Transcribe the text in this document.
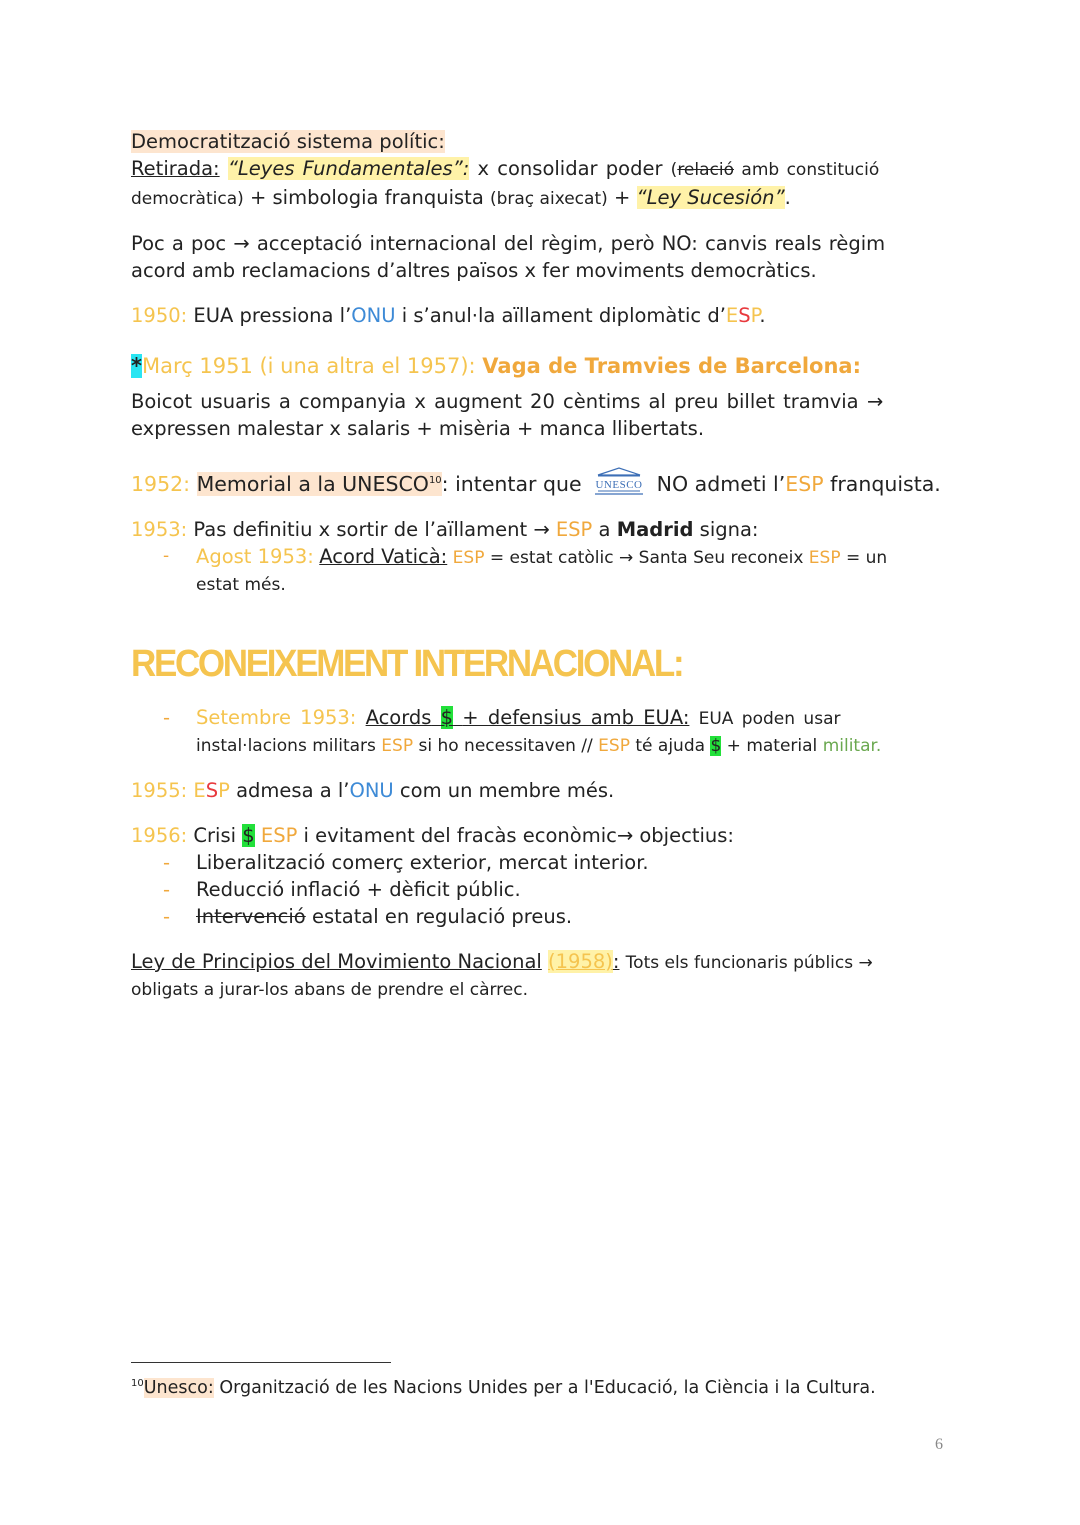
Democratització sistema polític:
Retirada: “Leyes Fundamentales”: x consolidar poder (relació amb constitució
democràtica) + simbologia franquista (braç aixecat) + “Ley Sucesión”.
Poc a poc → acceptació internacional del règim, però NO: canvis reals règim
acord amb reclamacions d’altres països x fer moviments democràtics.
1950: EUA pressiona l’ONU i s’anul·la aïllament diplomàtic d’ESP.
*Març 1951 (i una altra el 1957): Vaga de Tramvies de Barcelona:
Boicot usuaris a companyia x augment 20 cèntims al preu billet tramvia →
expressen malestar x salaris + misèria + manca llibertats.
1952: Memorial a la UNESCO$^{10}$: intentar que UNESCO NO admeti l’ESP franquista.
1953: Pas definitiu x sortir de l’aïllament → ESP a Madrid signa:
- Agost 1953: Acord Vaticà: ESP = estat catòlic → Santa Seu reconeix ESP = un
estat més.
RECONEIXEMENT INTERNACIONAL:
- Setembre 1953: Acords $ + defensius amb EUA: EUA poden usar
instal·lacions militars ESP si ho necessitaven // ESP té ajuda $ + material militar.
1955: ESP admesa a l’ONU com un membre més.
1956: Crisi $ ESP i evitament del fracàs econòmic→ objectius:
- Liberalització comerç exterior, mercat interior.
- Reducció inflació + dèficit públic.
- Intervenció estatal en regulació preus.
Ley de Principios del Movimiento Nacional (1958): Tots els funcionaris públics →
obligats a jurar-los abans de prendre el càrrec.
$^{10}$Unesco: Organització de les Nacions Unides per a l'Educació, la Ciència i la Cultura.
6
